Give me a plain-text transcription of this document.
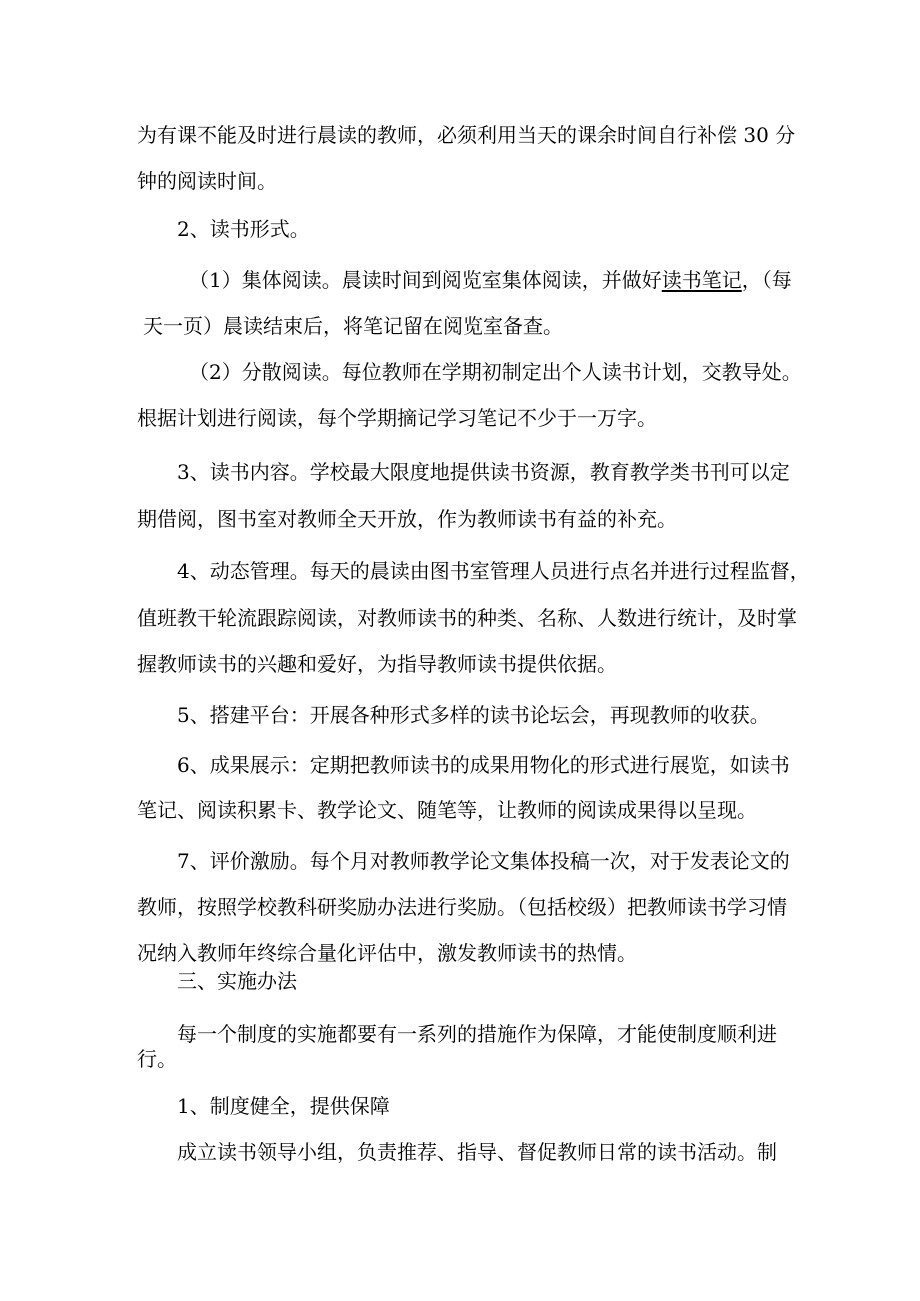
为有课不能及时进行晨读的教师，必须利用当天的课余时间自行补偿 30 分
钟的阅读时间。
2、读书形式。
（1）集体阅读。晨读时间到阅览室集体阅读，并做好读书笔记，（每
天一页）晨读结束后，将笔记留在阅览室备查。
（2）分散阅读。每位教师在学期初制定出个人读书计划，交教导处。
根据计划进行阅读，每个学期摘记学习笔记不少于一万字。
3、读书内容。学校最大限度地提供读书资源，教育教学类书刊可以定
期借阅，图书室对教师全天开放，作为教师读书有益的补充。
4、动态管理。每天的晨读由图书室管理人员进行点名并进行过程监督，
值班教干轮流跟踪阅读，对教师读书的种类、名称、人数进行统计，及时掌
握教师读书的兴趣和爱好，为指导教师读书提供依据。
5、搭建平台：开展各种形式多样的读书论坛会，再现教师的收获。
6、成果展示：定期把教师读书的成果用物化的形式进行展览，如读书
笔记、阅读积累卡、教学论文、随笔等，让教师的阅读成果得以呈现。
7、评价激励。每个月对教师教学论文集体投稿一次，对于发表论文的
教师，按照学校教科研奖励办法进行奖励。（包括校级）把教师读书学习情
况纳入教师年终综合量化评估中，激发教师读书的热情。
三、实施办法
每一个制度的实施都要有一系列的措施作为保障，才能使制度顺利进
行。
1、制度健全，提供保障
成立读书领导小组，负责推荐、指导、督促教师日常的读书活动。制
